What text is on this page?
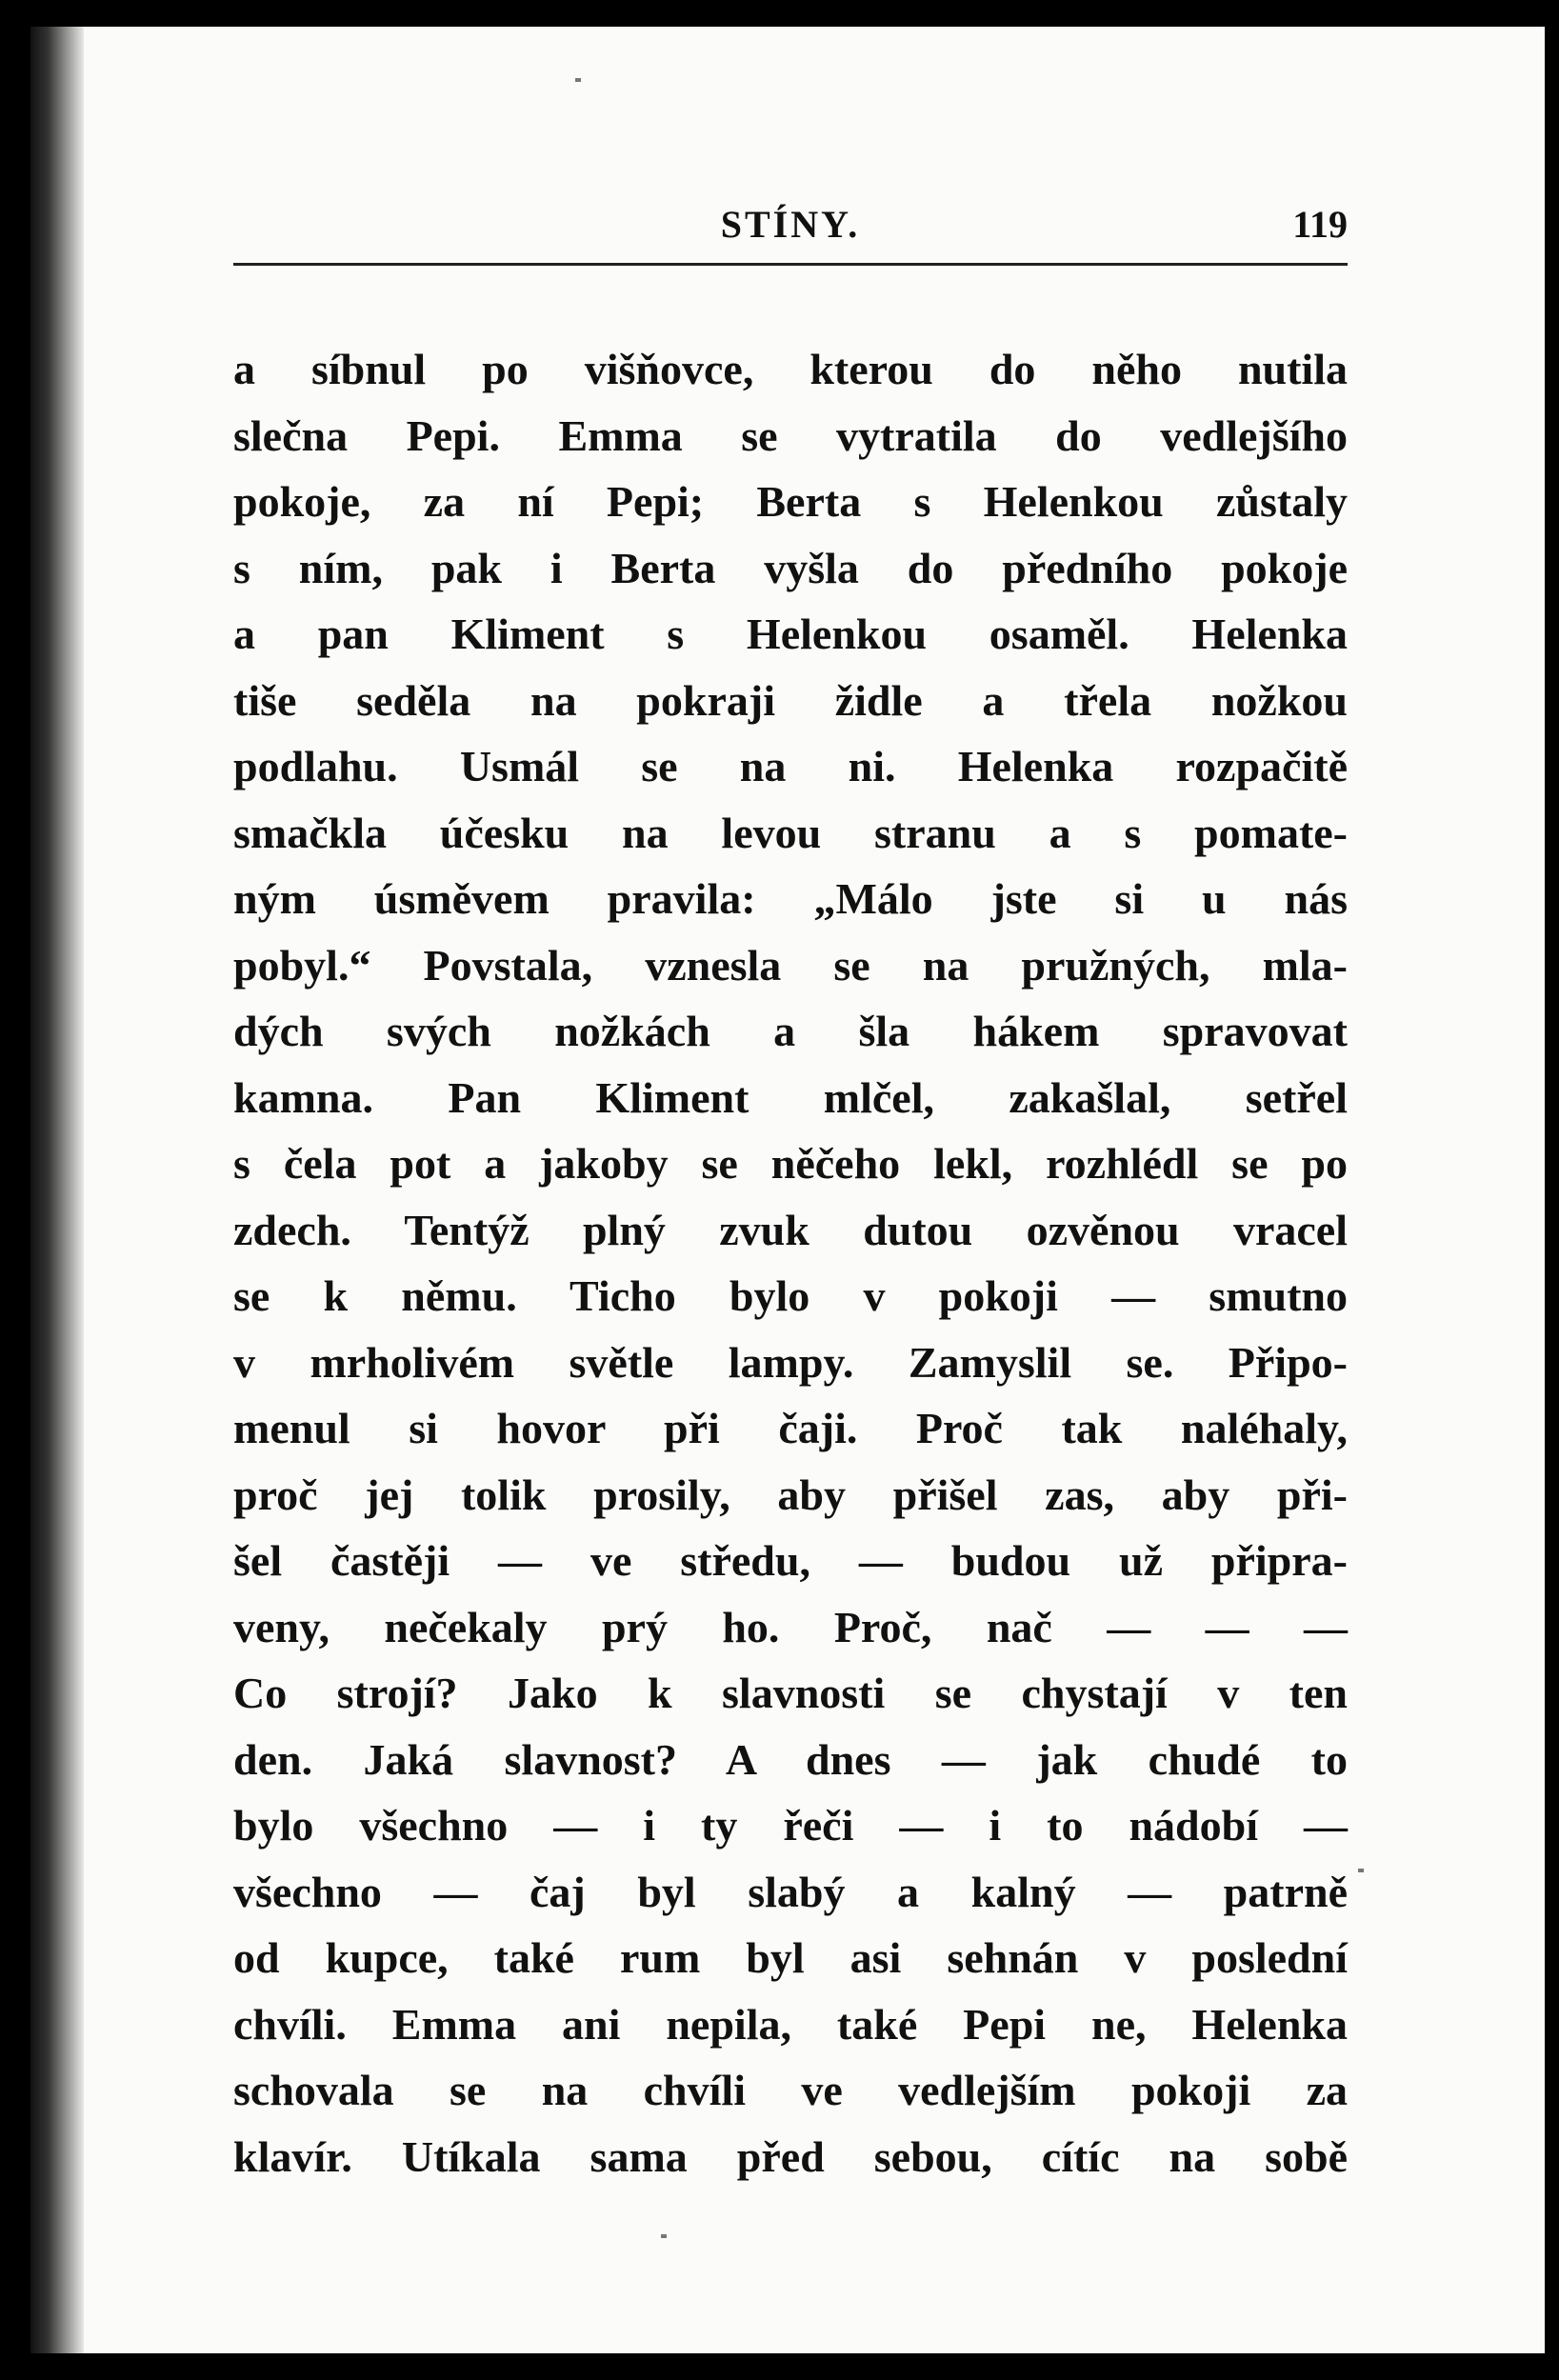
STÍNY.	119
a síbnul po višňovce, kterou do něho nutila
slečna Pepi. Emma se vytratila do vedlejšího
pokoje, za ní Pepi; Berta s Helenkou zůstaly
s ním, pak i Berta vyšla do předního pokoje
a pan Kliment s Helenkou osaměl. Helenka
tiše seděla na pokraji židle a třela nožkou
podlahu. Usmál se na ni. Helenka rozpačitě
smačkla účesku na levou stranu a s pomate-
ným úsměvem pravila: „Málo jste si u nás
pobyl.“ Povstala, vznesla se na pružných, mla-
dých svých nožkách a šla hákem spravovat
kamna. Pan Kliment mlčel, zakašlal, setřel
s čela pot a jakoby se něčeho lekl, rozhlédl se po
zdech. Tentýž plný zvuk dutou ozvěnou vracel
se k němu. Ticho bylo v pokoji — smutno
v mrholivém světle lampy. Zamyslil se. Připo-
menul si hovor při čaji. Proč tak naléhaly,
proč jej tolik prosily, aby přišel zas, aby při-
šel častěji — ve středu, — budou už připra-
veny, nečekaly prý ho. Proč, nač — — —
Co strojí? Jako k slavnosti se chystají v ten
den. Jaká slavnost? A dnes — jak chudé to
bylo všechno — i ty řeči — i to nádobí —
všechno — čaj byl slabý a kalný — patrně
od kupce, také rum byl asi sehnán v poslední
chvíli. Emma ani nepila, také Pepi ne, Helenka
schovala se na chvíli ve vedlejším pokoji za
klavír. Utíkala sama před sebou, cítíc na sobě
